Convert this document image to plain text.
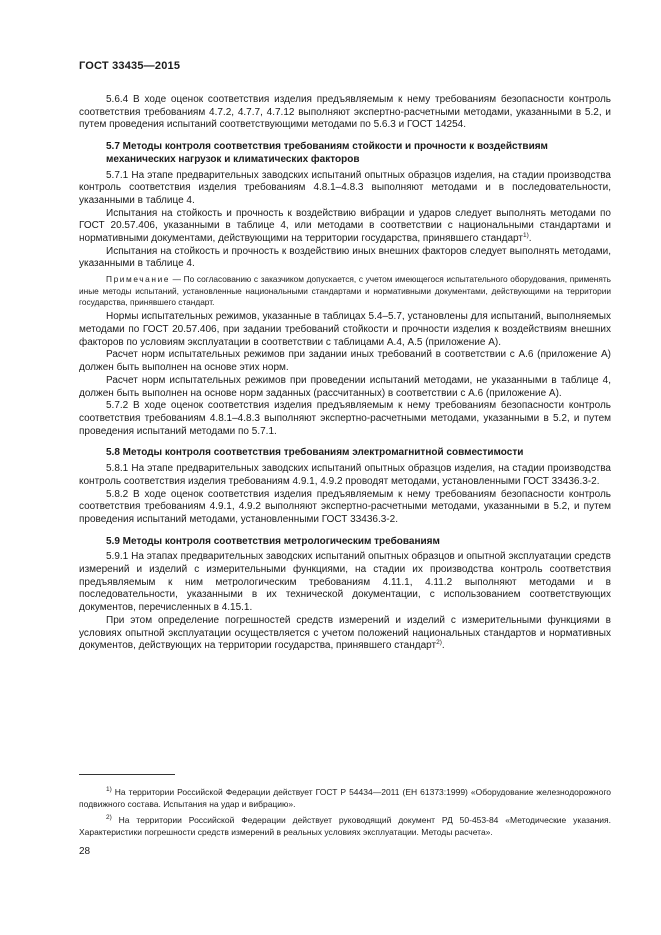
ГОСТ 33435—2015

5.6.4 В ходе оценок соответствия изделия предъявляемым к нему требованиям безопасности контроль соответствия требованиям 4.7.2, 4.7.7, 4.7.12 выполняют экспертно-расчетными методами, указанными в 5.2, и путем проведения испытаний соответствующими методами по 5.6.3 и ГОСТ 14254.

5.7 Методы контроля соответствия требованиям стойкости и прочности к воздействиям механических нагрузок и климатических факторов

5.7.1 На этапе предварительных заводских испытаний опытных образцов изделия, на стадии производства контроль соответствия изделия требованиям 4.8.1–4.8.3 выполняют методами и в последовательности, указанными в таблице 4.

Испытания на стойкость и прочность к воздействию вибрации и ударов следует выполнять методами по ГОСТ 20.57.406, указанными в таблице 4, или методами в соответствии с национальными стандартами и нормативными документами, действующими на территории государства, принявшего стандарт$^{1)}$.

Испытания на стойкость и прочность к воздействию иных внешних факторов следует выполнять методами, указанными в таблице 4.

Примечание — По согласованию с заказчиком допускается, с учетом имеющегося испытательного оборудования, применять иные методы испытаний, установленные национальными стандартами и нормативными документами, действующими на территории государства, принявшего стандарт.

Нормы испытательных режимов, указанные в таблицах 5.4–5.7, установлены для испытаний, выполняемых методами по ГОСТ 20.57.406, при задании требований стойкости и прочности изделия к воздействиям внешних факторов по условиям эксплуатации в соответствии с таблицами А.4, А.5 (приложение А).

Расчет норм испытательных режимов при задании иных требований в соответствии с А.6 (приложение А) должен быть выполнен на основе этих норм.

Расчет норм испытательных режимов при проведении испытаний методами, не указанными в таблице 4, должен быть выполнен на основе норм заданных (рассчитанных) в соответствии с А.6 (приложение А).

5.7.2 В ходе оценок соответствия изделия предъявляемым к нему требованиям безопасности контроль соответствия требованиям 4.8.1–4.8.3 выполняют экспертно-расчетными методами, указанными в 5.2, и путем проведения испытаний методами по 5.7.1.

5.8 Методы контроля соответствия требованиям электромагнитной совместимости

5.8.1 На этапе предварительных заводских испытаний опытных образцов изделия, на стадии производства контроль соответствия изделия требованиям 4.9.1, 4.9.2 проводят методами, установленными ГОСТ 33436.3-2.

5.8.2 В ходе оценок соответствия изделия предъявляемым к нему требованиям безопасности контроль соответствия требованиям 4.9.1, 4.9.2 выполняют экспертно-расчетными методами, указанными в 5.2, и путем проведения испытаний методами, установленными ГОСТ 33436.3-2.

5.9 Методы контроля соответствия метрологическим требованиям

5.9.1 На этапах предварительных заводских испытаний опытных образцов и опытной эксплуатации средств измерений и изделий с измерительными функциями, на стадии их производства контроль соответствия предъявляемым к ним метрологическим требованиям 4.11.1, 4.11.2 выполняют методами и в последовательности, указанными в их технической документации, с использованием соответствующих документов, перечисленных в 4.15.1.

При этом определение погрешностей средств измерений и изделий с измерительными функциями в условиях опытной эксплуатации осуществляется с учетом положений национальных стандартов и нормативных документов, действующих на территории государства, принявшего стандарт$^{2)}$.

$^{1)}$ На территории Российской Федерации действует ГОСТ Р 54434—2011 (ЕН 61373:1999) «Оборудование железнодорожного подвижного состава. Испытания на удар и вибрацию».

$^{2)}$ На территории Российской Федерации действует руководящий документ РД 50-453-84 «Методические указания. Характеристики погрешности средств измерений в реальных условиях эксплуатации. Методы расчета».

28
